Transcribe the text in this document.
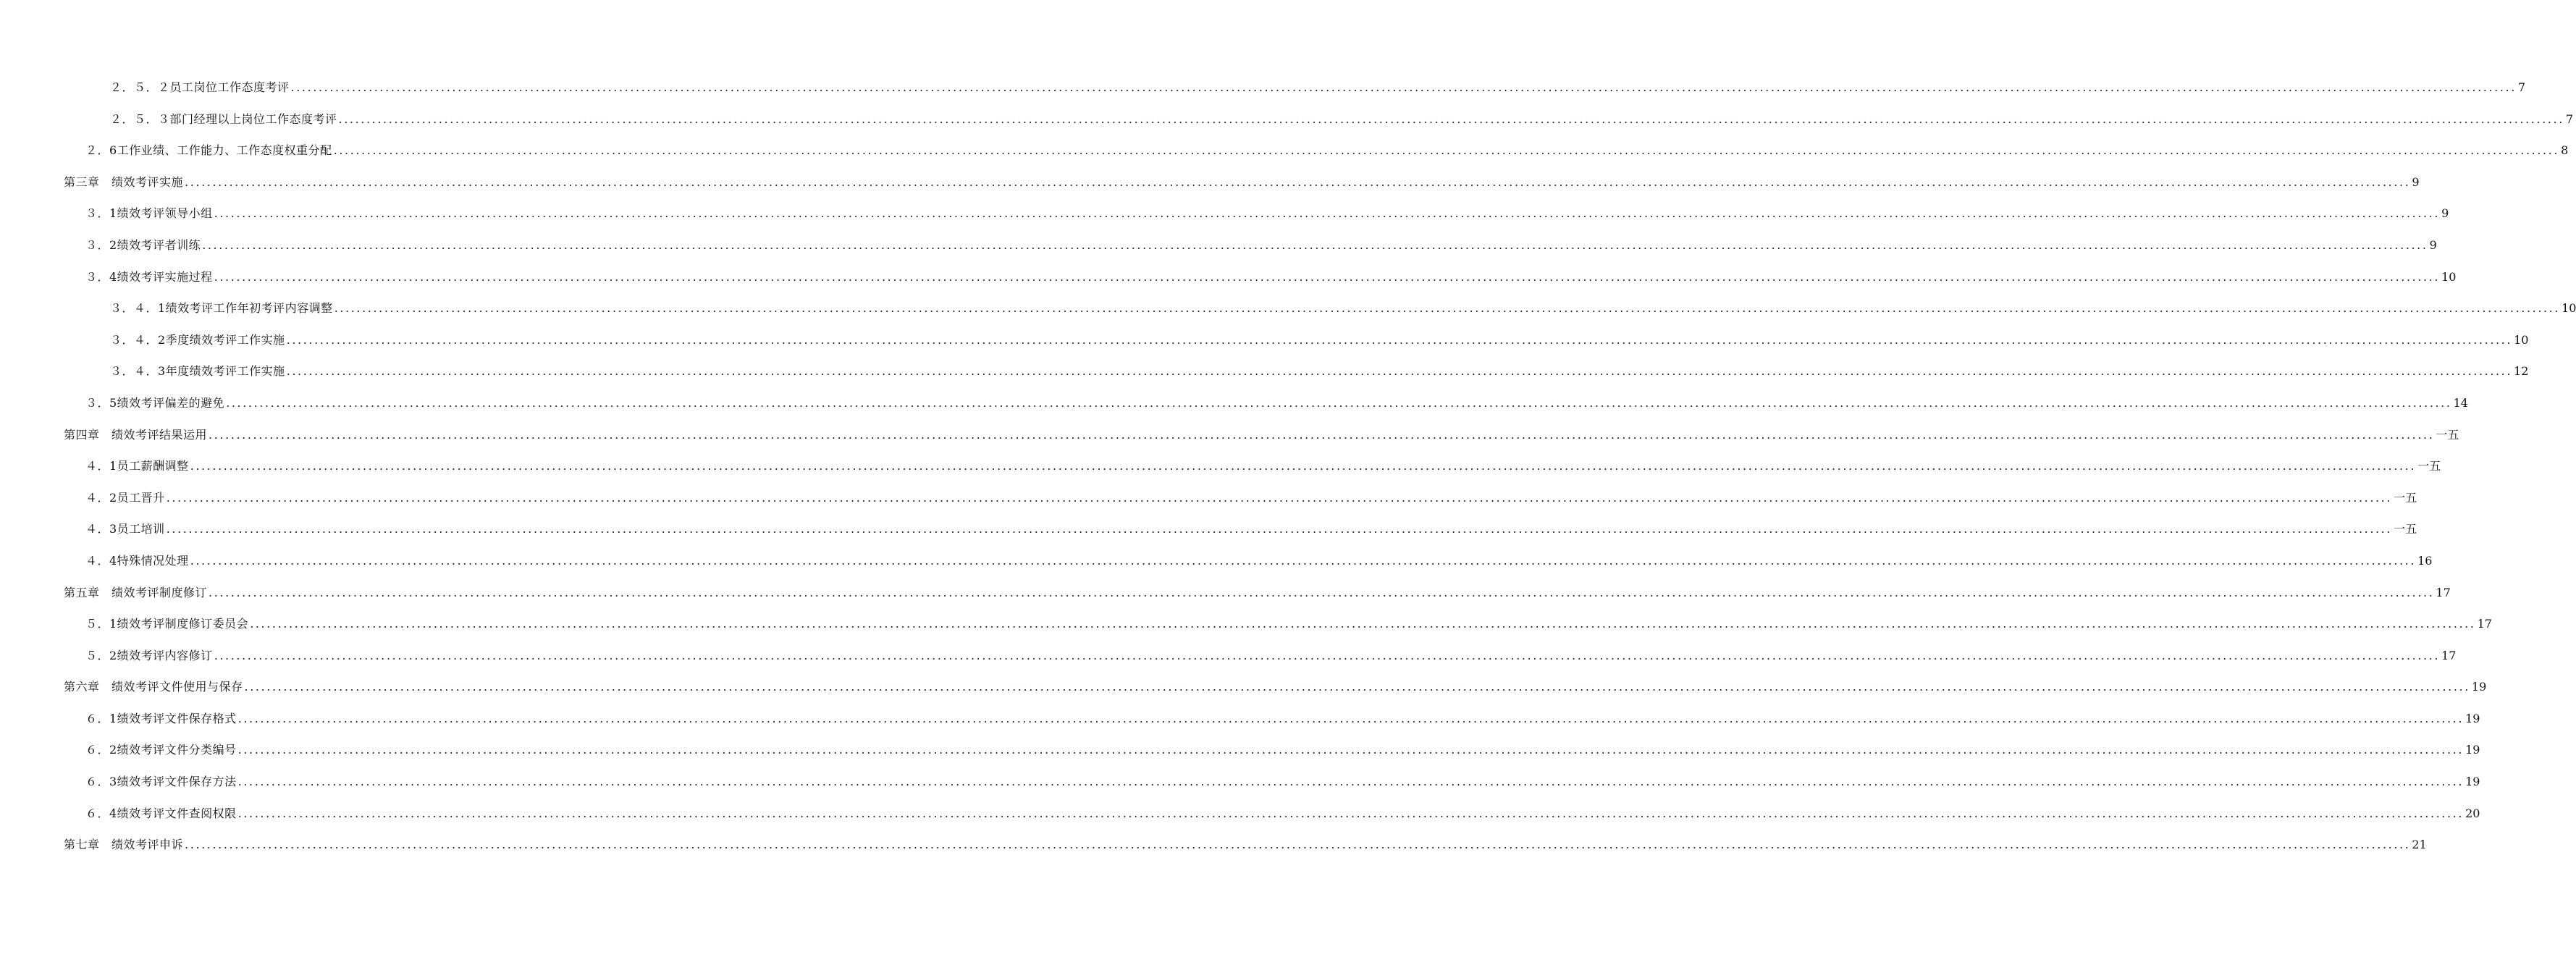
２．５．２员工岗位工作态度考评 ................................................................................................................................................................................................................................................................................................................................................................................................................ 7
２．５．３部门经理以上岗位工作态度考评 ................................................................................................................................................................................................................................................................................................................................................................................................................ 7
２．6工作业绩、工作能力、工作态度权重分配 ................................................................................................................................................................................................................................................................................................................................................................................................................ 8
第三章　绩效考评实施 ................................................................................................................................................................................................................................................................................................................................................................................................................ 9
３．1绩效考评领导小组 ................................................................................................................................................................................................................................................................................................................................................................................................................ 9
３．2绩效考评者训练 ................................................................................................................................................................................................................................................................................................................................................................................................................ 9
３．4绩效考评实施过程 ................................................................................................................................................................................................................................................................................................................................................................................................................ 10
３．４．1绩效考评工作年初考评内容调整 ................................................................................................................................................................................................................................................................................................................................................................................................................ 10
３．４．2季度绩效考评工作实施 ................................................................................................................................................................................................................................................................................................................................................................................................................ 10
３．４．3年度绩效考评工作实施 ................................................................................................................................................................................................................................................................................................................................................................................................................ 12
３．5绩效考评偏差的避免 ................................................................................................................................................................................................................................................................................................................................................................................................................ 14
第四章　绩效考评结果运用 ................................................................................................................................................................................................................................................................................................................................................................................................................ 一五
４．1员工薪酬调整 ................................................................................................................................................................................................................................................................................................................................................................................................................ 一五
４．2员工晋升 ................................................................................................................................................................................................................................................................................................................................................................................................................ 一五
４．3员工培训 ................................................................................................................................................................................................................................................................................................................................................................................................................ 一五
４．4特殊情况处理 ................................................................................................................................................................................................................................................................................................................................................................................................................ 16
第五章　绩效考评制度修订 ................................................................................................................................................................................................................................................................................................................................................................................................................ 17
５．1绩效考评制度修订委员会 ................................................................................................................................................................................................................................................................................................................................................................................................................ 17
５．2绩效考评内容修订 ................................................................................................................................................................................................................................................................................................................................................................................................................ 17
第六章　绩效考评文件使用与保存 ................................................................................................................................................................................................................................................................................................................................................................................................................ 19
６．1绩效考评文件保存格式 ................................................................................................................................................................................................................................................................................................................................................................................................................ 19
６．2绩效考评文件分类编号 ................................................................................................................................................................................................................................................................................................................................................................................................................ 19
６．3绩效考评文件保存方法 ................................................................................................................................................................................................................................................................................................................................................................................................................ 19
６．4绩效考评文件查阅权限 ................................................................................................................................................................................................................................................................................................................................................................................................................ 20
第七章　绩效考评申诉 ................................................................................................................................................................................................................................................................................................................................................................................................................ 21
